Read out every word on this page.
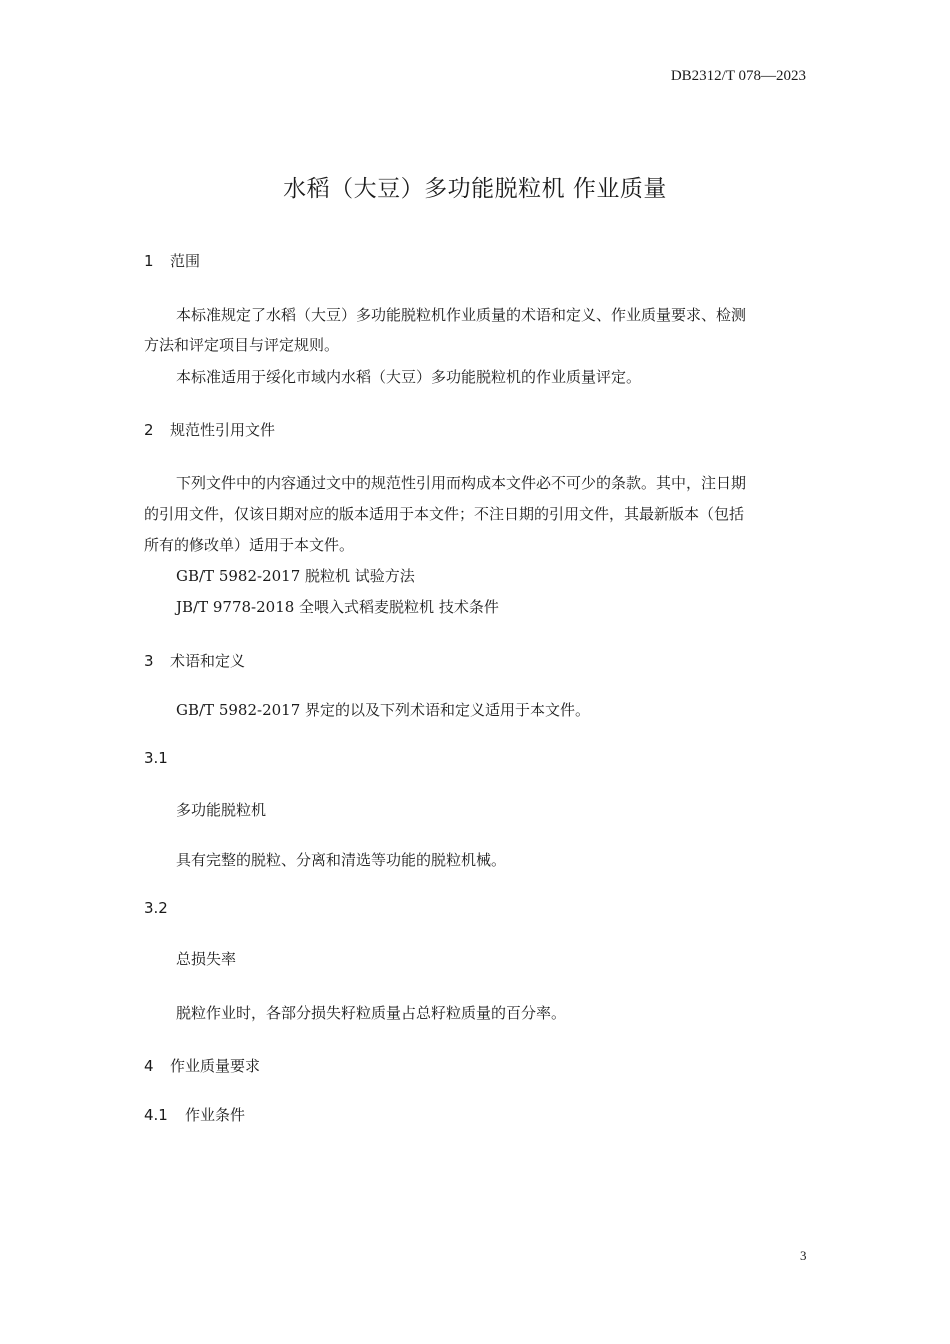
DB2312/T 078—2023
水稻（大豆）多功能脱粒机 作业质量
1 范围
本标准规定了水稻（大豆）多功能脱粒机作业质量的术语和定义、作业质量要求、检测
方法和评定项目与评定规则。
本标准适用于绥化市域内水稻（大豆）多功能脱粒机的作业质量评定。
2 规范性引用文件
下列文件中的内容通过文中的规范性引用而构成本文件必不可少的条款。其中，注日期
的引用文件，仅该日期对应的版本适用于本文件；不注日期的引用文件，其最新版本（包括
所有的修改单）适用于本文件。
GB/T 5982-2017 脱粒机 试验方法
JB/T 9778-2018 全喂入式稻麦脱粒机 技术条件
3 术语和定义
GB/T 5982-2017 界定的以及下列术语和定义适用于本文件。
3.1
多功能脱粒机
具有完整的脱粒、分离和清选等功能的脱粒机械。
3.2
总损失率
脱粒作业时，各部分损失籽粒质量占总籽粒质量的百分率。
4 作业质量要求
4.1 作业条件
3
